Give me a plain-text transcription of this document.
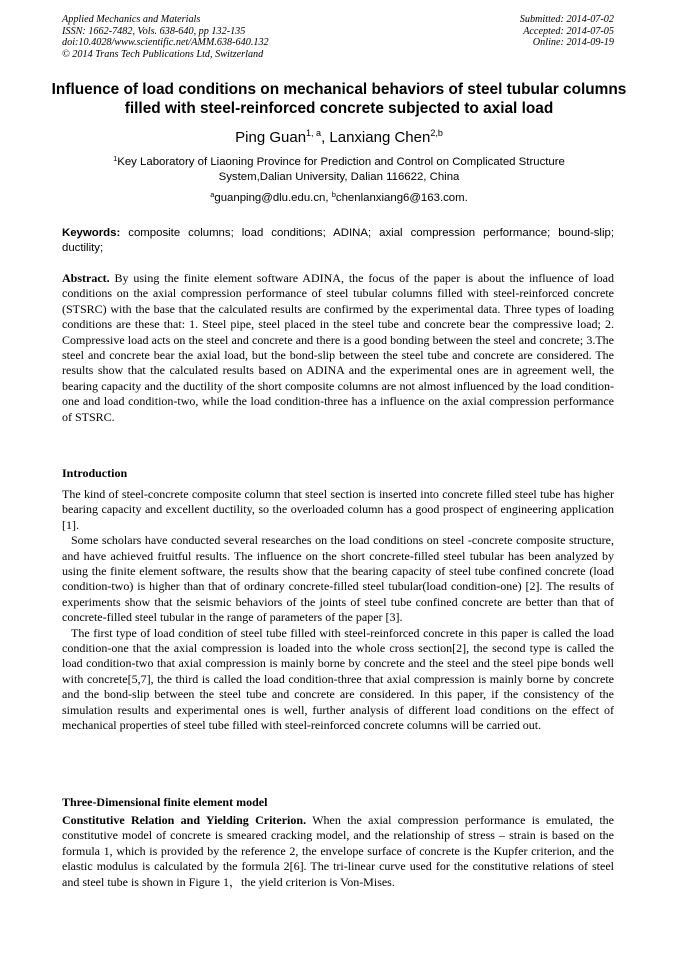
Applied Mechanics and Materials
ISSN: 1662-7482, Vols. 638-640, pp 132-135
doi:10.4028/www.scientific.net/AMM.638-640.132
© 2014 Trans Tech Publications Ltd, Switzerland
Submitted: 2014-07-02
Accepted: 2014-07-05
Online: 2014-09-19
Influence of load conditions on mechanical behaviors of steel tubular columns filled with steel-reinforced concrete subjected to axial load
Ping Guan$^{1, a}$, Lanxiang Chen$^{2,b}$
$^1$Key Laboratory of Liaoning Province for Prediction and Control on Complicated Structure
System,Dalian University, Dalian 116622, China
$^a$guanping@dlu.edu.cn, $^b$chenlanxiang6@163.com.
Keywords: composite columns; load conditions; ADINA; axial compression performance; bound-slip; ductility;

Abstract. By using the finite element software ADINA, the focus of the paper is about the influence of load conditions on the axial compression performance of steel tubular columns filled with steel-reinforced concrete (STSRC) with the base that the calculated results are confirmed by the experimental data. Three types of loading conditions are these that: 1. Steel pipe, steel placed in the steel tube and concrete bear the compressive load; 2. Compressive load acts on the steel and concrete and there is a good bonding between the steel and concrete; 3.The steel and concrete bear the axial load, but the bond-slip between the steel tube and concrete are considered. The results show that the calculated results based on ADINA and the experimental ones are in agreement well, the bearing capacity and the ductility of the short composite columns are not almost influenced by the load condition-one and load condition-two, while the load condition-three has a influence on the axial compression performance of STSRC.

Introduction

The kind of steel-concrete composite column that steel section is inserted into concrete filled steel tube has higher bearing capacity and excellent ductility, so the overloaded column has a good prospect of engineering application [1].

Some scholars have conducted several researches on the load conditions on steel -concrete composite structure, and have achieved fruitful results. The influence on the short concrete-filled steel tubular has been analyzed by using the finite element software, the results show that the bearing capacity of steel tube confined concrete (load condition-two) is higher than that of ordinary concrete-filled steel tubular(load condition-one) [2]. The results of experiments show that the seismic behaviors of the joints of steel tube confined concrete are better than that of concrete-filled steel tubular in the range of parameters of the paper [3].

The first type of load condition of steel tube filled with steel-reinforced concrete in this paper is called the load condition-one that the axial compression is loaded into the whole cross section[2], the second type is called the load condition-two that axial compression is mainly borne by concrete and the steel and the steel pipe bonds well with concrete[5,7], the third is called the load condition-three that axial compression is mainly borne by concrete and the bond-slip between the steel tube and concrete are considered. In this paper, if the consistency of the simulation results and experimental ones is well, further analysis of different load conditions on the effect of mechanical properties of steel tube filled with steel-reinforced concrete columns will be carried out.

Three-Dimensional finite element model

Constitutive Relation and Yielding Criterion. When the axial compression performance is emulated, the constitutive model of concrete is smeared cracking model, and the relationship of stress – strain is based on the formula 1, which is provided by the reference 2, the envelope surface of concrete is the Kupfer criterion, and the elastic modulus is calculated by the formula 2[6]. The tri-linear curve used for the constitutive relations of steel and steel tube is shown in Figure 1，the yield criterion is Von-Mises.
